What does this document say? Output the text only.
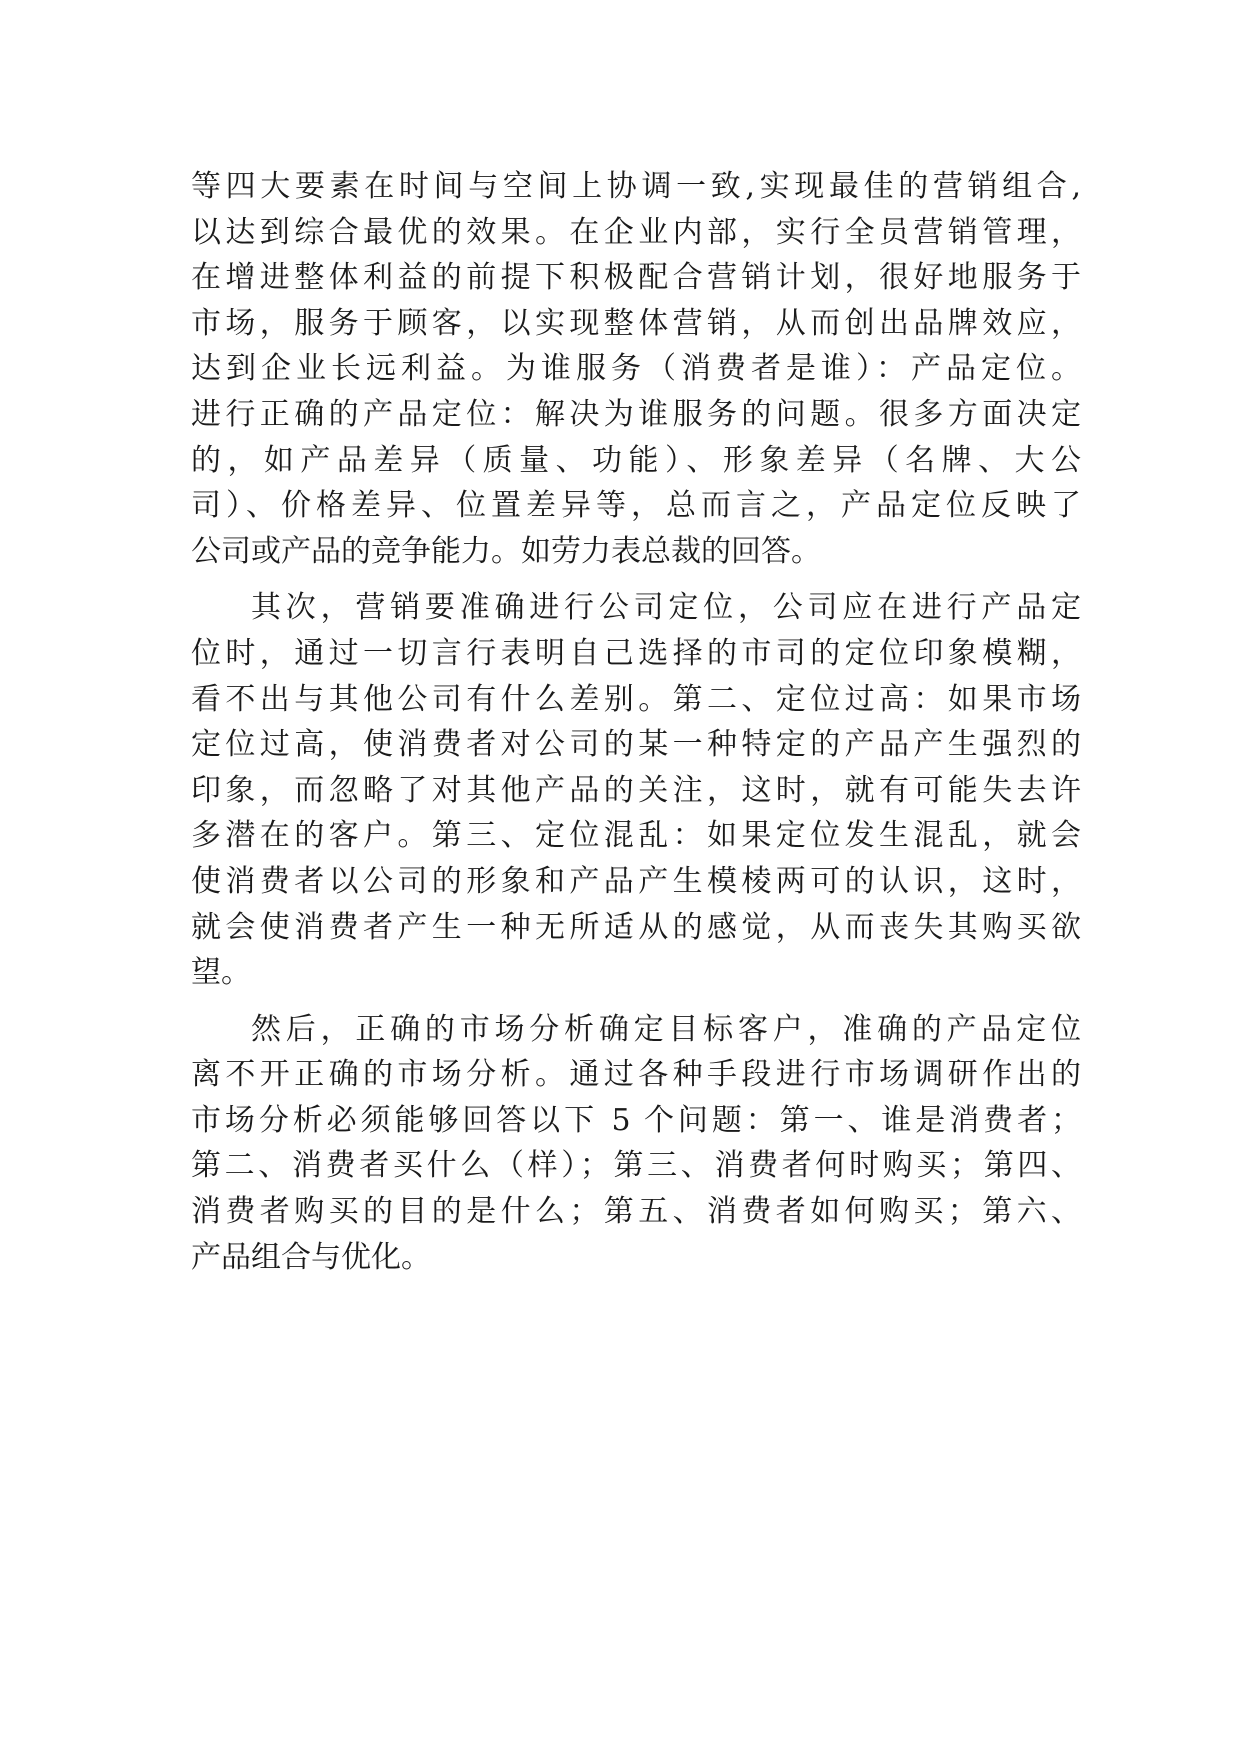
等四大要素在时间与空间上协调一致,实现最佳的营销组合,
以达到综合最优的效果。在企业内部，实行全员营销管理，
在增进整体利益的前提下积极配合营销计划，很好地服务于
市场，服务于顾客，以实现整体营销，从而创出品牌效应，
达到企业长远利益。为谁服务（消费者是谁）：产品定位。
进行正确的产品定位：解决为谁服务的问题。很多方面决定
的，如产品差异（质量、功能）、形象差异（名牌、大公
司）、价格差异、位置差异等，总而言之，产品定位反映了
公司或产品的竞争能力。如劳力表总裁的回答。
其次，营销要准确进行公司定位，公司应在进行产品定
位时，通过一切言行表明自己选择的市司的定位印象模糊，
看不出与其他公司有什么差别。第二、定位过高：如果市场
定位过高，使消费者对公司的某一种特定的产品产生强烈的
印象，而忽略了对其他产品的关注，这时，就有可能失去许
多潜在的客户。第三、定位混乱：如果定位发生混乱，就会
使消费者以公司的形象和产品产生模棱两可的认识，这时，
就会使消费者产生一种无所适从的感觉，从而丧失其购买欲
望。
然后，正确的市场分析确定目标客户，准确的产品定位
离不开正确的市场分析。通过各种手段进行市场调研作出的
市场分析必须能够回答以下 5 个问题：第一、谁是消费者；
第二、消费者买什么（样）；第三、消费者何时购买；第四、
消费者购买的目的是什么；第五、消费者如何购买；第六、
产品组合与优化。
